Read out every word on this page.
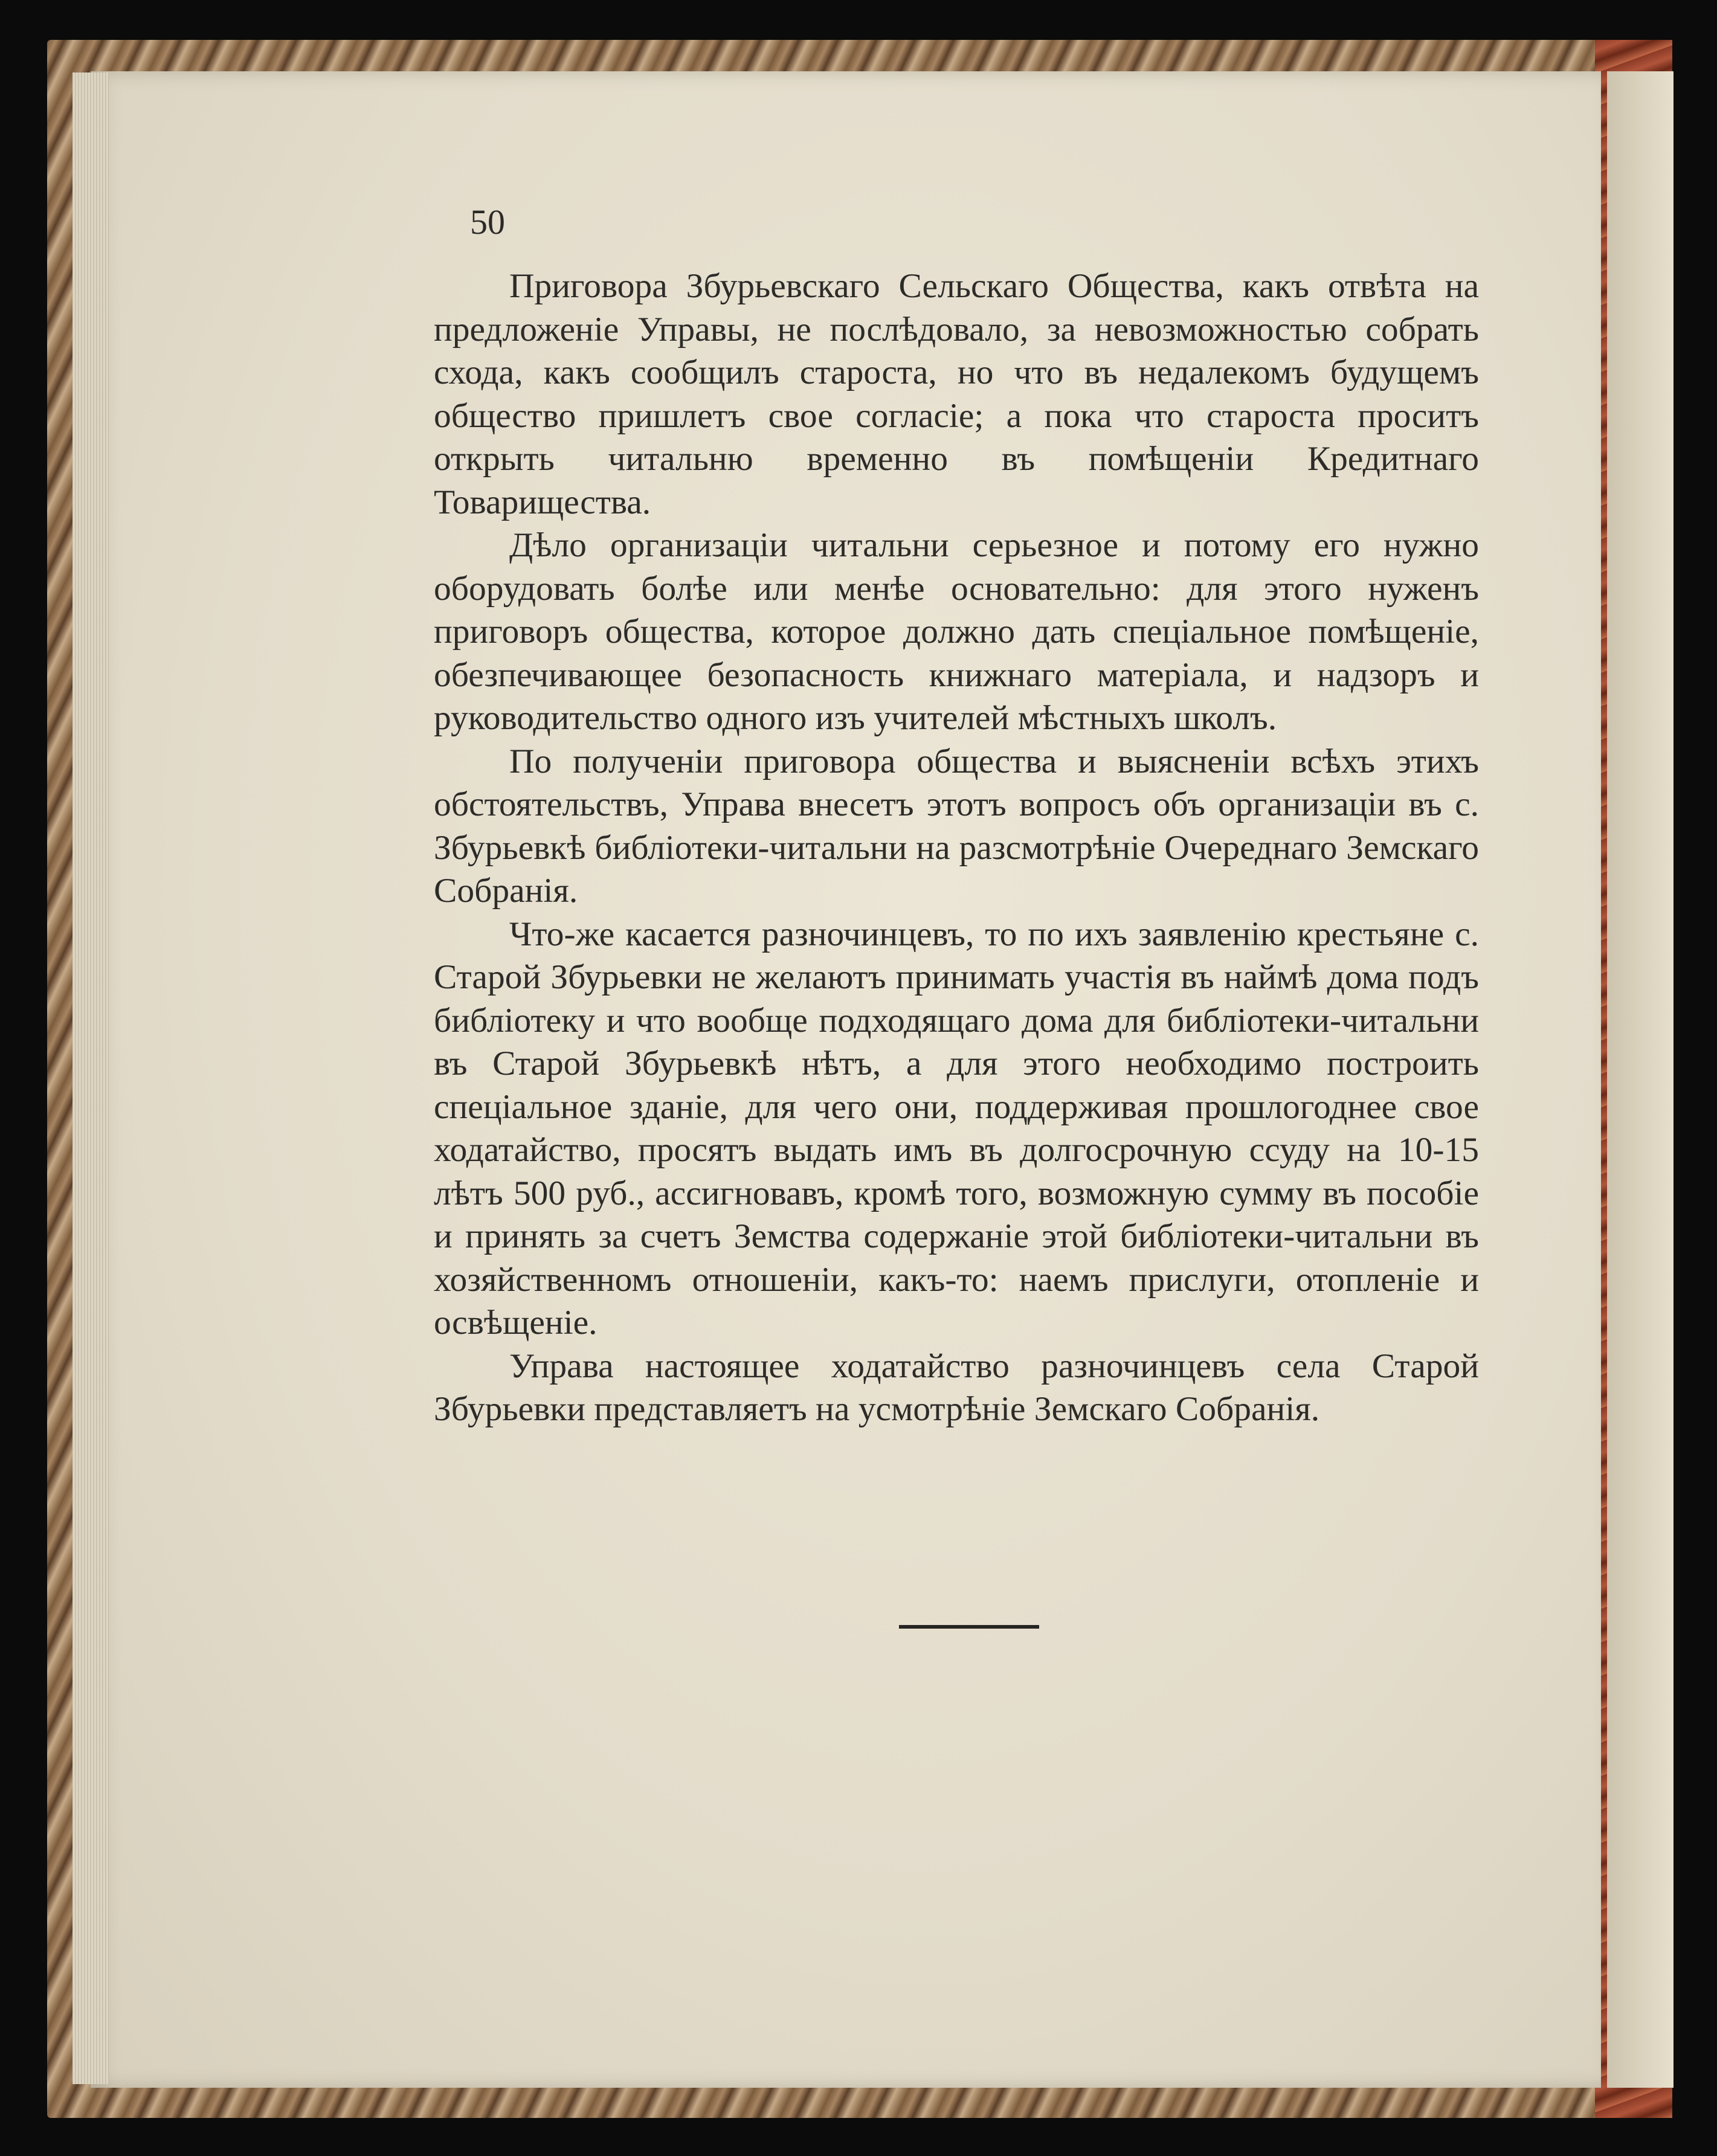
50

Приговора Збурьевскаго Сельскаго Общества, какъ отвѣта на предложеніе Управы, не послѣдовало, за невозможностью собрать схода, какъ сообщилъ староста, но что въ недалекомъ будущемъ общество пришлетъ свое согласіе; а пока что староста проситъ открыть читальню временно въ помѣщеніи Кредитнаго Товарищества.

Дѣло организаціи читальни серьезное и потому его нужно оборудовать болѣе или менѣе основательно: для этого нуженъ приговоръ общества, которое должно дать спеціальное помѣщеніе, обезпечивающее безопасность книжнаго матеріала, и надзоръ и руководительство одного изъ учителей мѣстныхъ школъ.

По полученіи приговора общества и выясненіи всѣхъ этихъ обстоятельствъ, Управа внесетъ этотъ вопросъ объ организаціи въ с. Збурьевкѣ библіотеки-читальни на разсмотрѣніе Очереднаго Земскаго Собранія.

Что-же касается разночинцевъ, то по ихъ заявленію крестьяне с. Старой Збурьевки не желаютъ принимать участія въ наймѣ дома подъ библіотеку и что вообще подходящаго дома для библіотеки-читальни въ Старой Збурьевкѣ нѣтъ, а для этого необходимо построить спеціальное зданіе, для чего они, поддерживая прошлогоднее свое ходатайство, просятъ выдать имъ въ долгосрочную ссуду на 10-15 лѣтъ 500 руб., ассигновавъ, кромѣ того, возможную сумму въ пособіе и принять за счетъ Земства содержаніе этой библіотеки-читальни въ хозяйственномъ отношеніи, какъ-то: наемъ прислуги, отопленіе и освѣщеніе.

Управа настоящее ходатайство разночинцевъ села Старой Збурьевки представляетъ на усмотрѣніе Земскаго Собранія.
